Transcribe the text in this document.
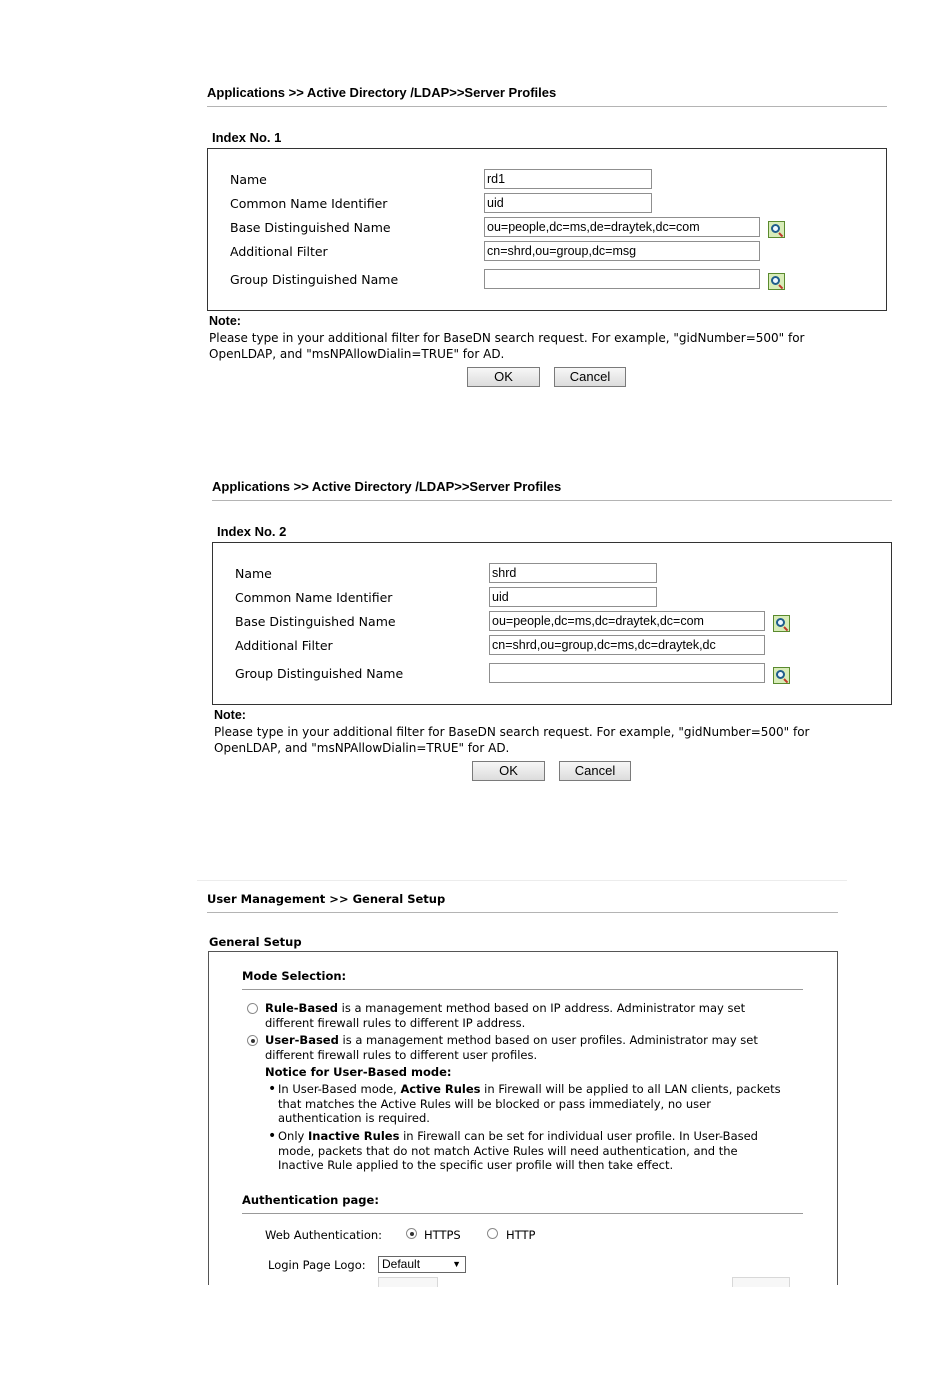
Applications >> Active Directory /LDAP>>Server Profiles
Index No. 1
Name	rd1
Common Name Identifier	uid
Base Distinguished Name	ou=people,dc=ms,de=draytek,dc=com
Additional Filter	cn=shrd,ou=group,dc=msg
Group Distinguished Name
Note:
Please type in your additional filter for BaseDN search request. For example, "gidNumber=500" for OpenLDAP, and "msNPAllowDialin=TRUE" for AD.
OK	Cancel
Applications >> Active Directory /LDAP>>Server Profiles
Index No. 2
Name	shrd
Common Name Identifier	uid
Base Distinguished Name	ou=people,dc=ms,dc=draytek,dc=com
Additional Filter	cn=shrd,ou=group,dc=ms,dc=draytek,dc
Group Distinguished Name
Note:
Please type in your additional filter for BaseDN search request. For example, "gidNumber=500" for OpenLDAP, and "msNPAllowDialin=TRUE" for AD.
OK	Cancel
User Management >> General Setup
General Setup
Mode Selection:
Rule-Based is a management method based on IP address. Administrator may set different firewall rules to different IP address.
User-Based is a management method based on user profiles. Administrator may set different firewall rules to different user profiles.
Notice for User-Based mode:
• In User-Based mode, Active Rules in Firewall will be applied to all LAN clients, packets that matches the Active Rules will be blocked or pass immediately, no user authentication is required.
• Only Inactive Rules in Firewall can be set for individual user profile. In User-Based mode, packets that do not match Active Rules will need authentication, and the Inactive Rule applied to the specific user profile will then take effect.
Authentication page:
Web Authentication:	HTTPS	HTTP
Login Page Logo:	Default	▼
